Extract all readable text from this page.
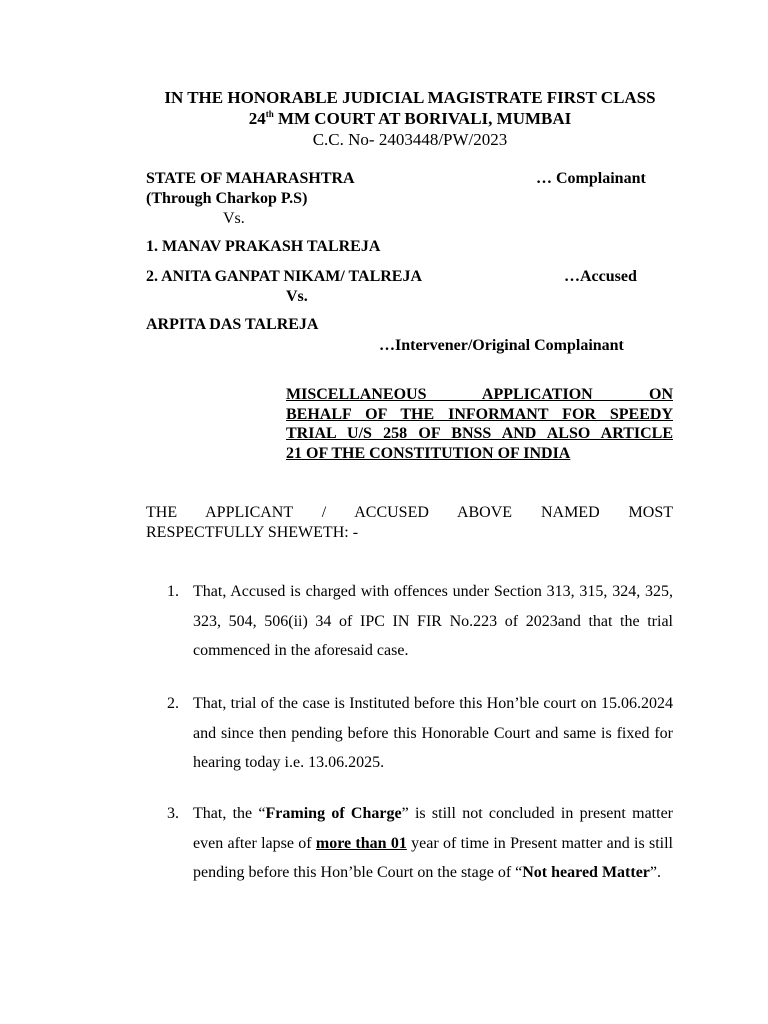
IN THE HONORABLE JUDICIAL MAGISTRATE FIRST CLASS
24th MM COURT AT BORIVALI, MUMBAI
C.C. No- 2403448/PW/2023
STATE OF MAHARASHTRA	… Complainant
(Through Charkop P.S)
Vs.
1. MANAV PRAKASH TALREJA
2. ANITA GANPAT NIKAM/ TALREJA	…Accused
Vs.
ARPITA DAS TALREJA
…Intervener/Original Complainant
MISCELLANEOUS APPLICATION ON
BEHALF OF THE INFORMANT FOR SPEEDY
TRIAL U/S 258 OF BNSS AND ALSO ARTICLE
21 OF THE CONSTITUTION OF INDIA
THE APPLICANT / ACCUSED ABOVE NAMED MOST
RESPECTFULLY SHEWETH: -
1. That, Accused is charged with offences under Section 313, 315, 324, 325, 323, 504, 506(ii) 34 of IPC IN FIR No.223 of 2023and that the trial commenced in the aforesaid case.
2. That, trial of the case is Instituted before this Hon’ble court on 15.06.2024 and since then pending before this Honorable Court and same is fixed for hearing today i.e. 13.06.2025.
3. That, the “Framing of Charge” is still not concluded in present matter even after lapse of more than 01 year of time in Present matter and is still pending before this Hon’ble Court on the stage of “Not heared Matter”.
